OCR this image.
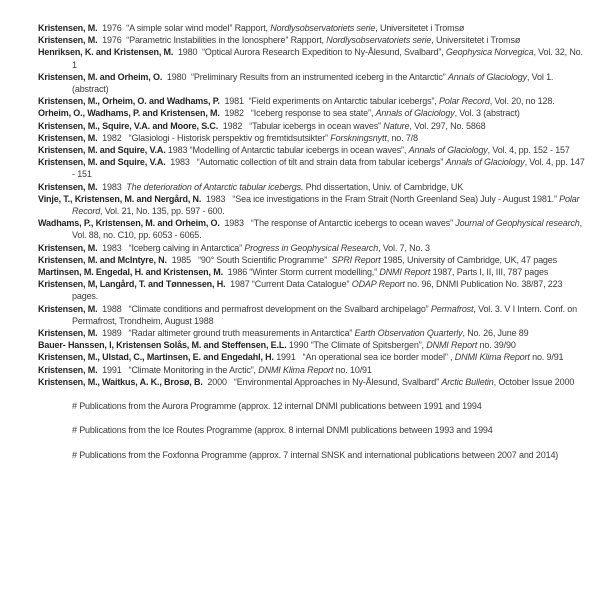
Kristensen, M.  1976  “A simple solar wind model” Rapport, Nordlysobservatoriets serie, Universitetet i Tromsø

Kristensen, M.  1976  “Parametric Instabilities in the Ionosphere” Rapport, Nordlysobservatoriets serie, Universitetet i Tromsø

Henriksen, K. and Kristensen, M.  1980  “Optical Aurora Research Expedition to Ny-Ålesund, Svalbard”, Geophysica Norvegica, Vol. 32, No. 1

Kristensen, M. and Orheim, O.  1980  “Preliminary Results from an instrumented iceberg in the Antarctic” Annals of Glaciology, Vol 1. (abstract)

Kristensen, M., Orheim, O. and Wadhams, P.  1981  “Field experiments on Antarctic tabular icebergs”, Polar Record, Vol. 20, no 128.

Orheim, O., Wadhams, P. and Kristensen, M.  1982   “Iceberg response to sea state”, Annals of Glaciology, Vol. 3 (abstract)

Kristensen, M., Squire, V.A. and Moore, S.C.  1982   “Tabular icebergs in ocean waves” Nature, Vol. 297, No. 5868

Kristensen, M.  1982   “Glasiologi - Historisk perspektiv og fremtidsutsikter” Forskningsnytt, no. 7/8

Kristensen, M. and Squire, V.A. 1983 “Modelling of Antarctic tabular icebergs in ocean waves”, Annals of Glaciology, Vol. 4, pp. 152 - 157

Kristensen, M. and Squire, V.A.  1983   “Automatic collection of tilt and strain data from tabular icebergs” Annals of Glaciology, Vol. 4, pp. 147 - 151

Kristensen, M.  1983  The deterioration of Antarctic tabular icebergs. Phd dissertation, Univ. of Cambridge, UK

Vinje, T., Kristensen, M. and Nergård, N.  1983   “Sea ice investigations in the Fram Strait (North Greenland Sea) July - August 1981.” Polar Record, Vol. 21, No. 135, pp. 597 - 600.

Wadhams, P., Kristensen, M. and Orheim, O.  1983   “The response of Antarctic icebergs to ocean waves” Journal of Geophysical research, Vol. 88, no. C10, pp. 6053 - 6065.

Kristensen, M.  1983   “Iceberg calving in Antarctica” Progress in Geophysical Research, Vol. 7, No. 3

Kristensen, M. and McIntyre, N.  1985   “90° South Scientific Programme”  SPRI Report 1985, University of Cambridge, UK, 47 pages

Martinsen, M. Engedal, H. and Kristensen, M.  1986 “Winter Storm current modelling,” DNMI Report 1987, Parts I, II, III, 787 pages

Kristensen, M, Langård, T. and Tønnessen, H.  1987 “Current Data Catalogue” ODAP Report no. 96, DNMI Publication No. 38/87, 223 pages.

Kristensen, M.  1988   “Climate conditions and permafrost development on the Svalbard archipelago” Permafrost, Vol. 3. V I Intern. Conf. on Permafrost, Trondheim, August 1988

Kristensen, M.  1989   “Radar altimeter ground truth measurements in Antarctica” Earth Observation Quarterly, No. 26, June 89

Bauer- Hanssen, I, Kristensen Solås, M. and Steffensen, E.L. 1990 “The Climate of Spitsbergen”, DNMI Report no. 39/90

Kristensen, M., Ulstad, C., Martinsen, E. and Engedahl, H. 1991   “An operational sea ice border model” , DNMI Klima Report no. 9/91

Kristensen, M.  1991   “Climate Monitoring in the Arctic”, DNMI Klima Report no. 10/91

Kristensen, M., Waitkus, A. K., Brosø, B.  2000   “Environmental Approaches in Ny-Ålesund, Svalbard” Arctic Bulletin, October Issue 2000

# Publications from the Aurora Programme (approx. 12 internal DNMI publications between 1991 and 1994

# Publications from the Ice Routes Programme (approx. 8 internal DNMI publications between 1993 and 1994

# Publications from the Foxfonna Programme (approx. 7 internal SNSK and international publications between 2007 and 2014)
